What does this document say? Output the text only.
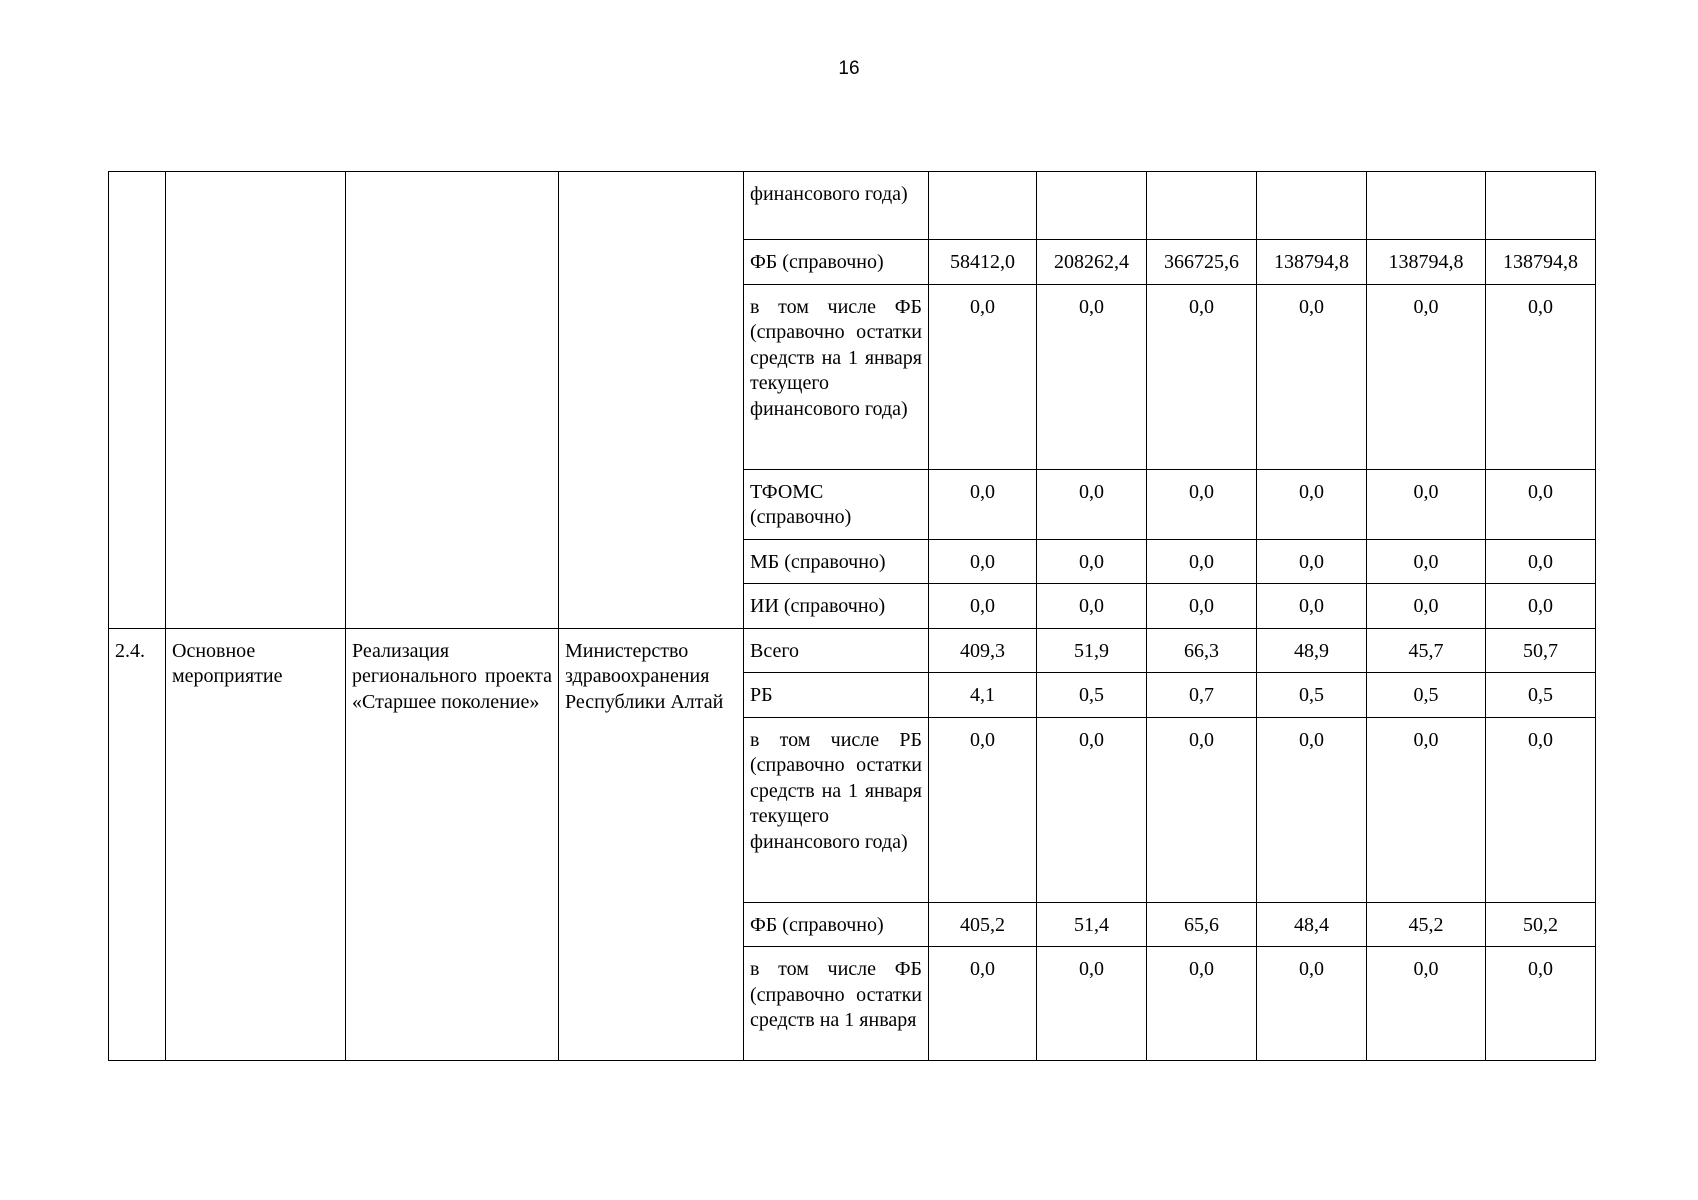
16
				финансового года)						
				ФБ (справочно)	58412,0	208262,4	366725,6	138794,8	138794,8	138794,8
				в том числе ФБ (справочно остатки средств на 1 января текущего финансового года)	0,0	0,0	0,0	0,0	0,0	0,0
				ТФОМС (справочно)	0,0	0,0	0,0	0,0	0,0	0,0
				МБ (справочно)	0,0	0,0	0,0	0,0	0,0	0,0
				ИИ (справочно)	0,0	0,0	0,0	0,0	0,0	0,0
2.4.	Основное мероприятие	Реализация регионального проекта «Старшее поколение»	Министерство здравоохранения Республики Алтай	Всего	409,3	51,9	66,3	48,9	45,7	50,7
				РБ	4,1	0,5	0,7	0,5	0,5	0,5
				в том числе РБ (справочно остатки средств на 1 января текущего финансового года)	0,0	0,0	0,0	0,0	0,0	0,0
				ФБ (справочно)	405,2	51,4	65,6	48,4	45,2	50,2
				в том числе ФБ (справочно остатки средств на 1 января	0,0	0,0	0,0	0,0	0,0	0,0
